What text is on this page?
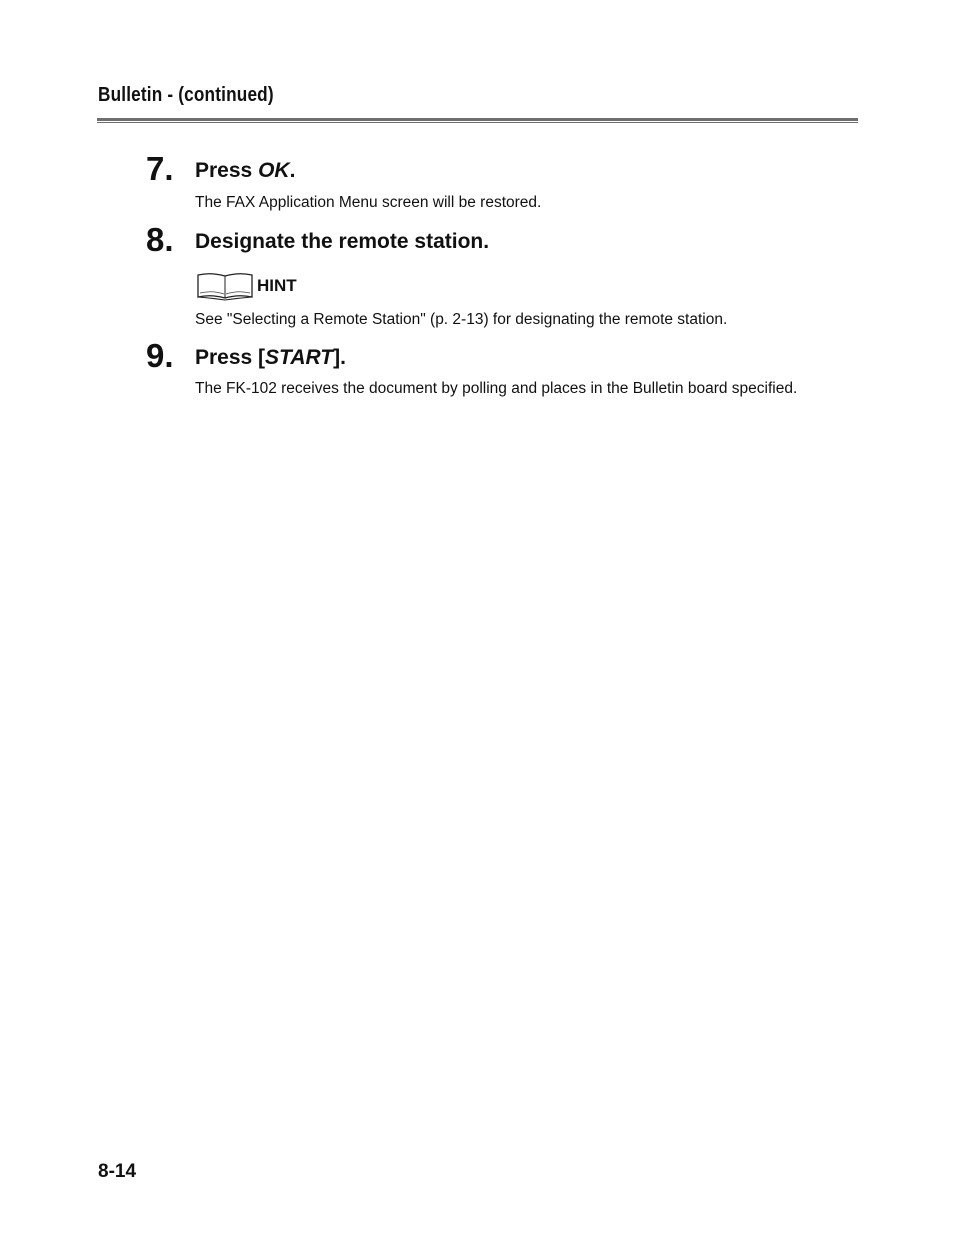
Bulletin - (continued)
7. Press OK.
The FAX Application Menu screen will be restored.
8. Designate the remote station.
HINT
See "Selecting a Remote Station" (p. 2-13) for designating the remote station.
9. Press [START].
The FK-102 receives the document by polling and places in the Bulletin board specified.
8-14
